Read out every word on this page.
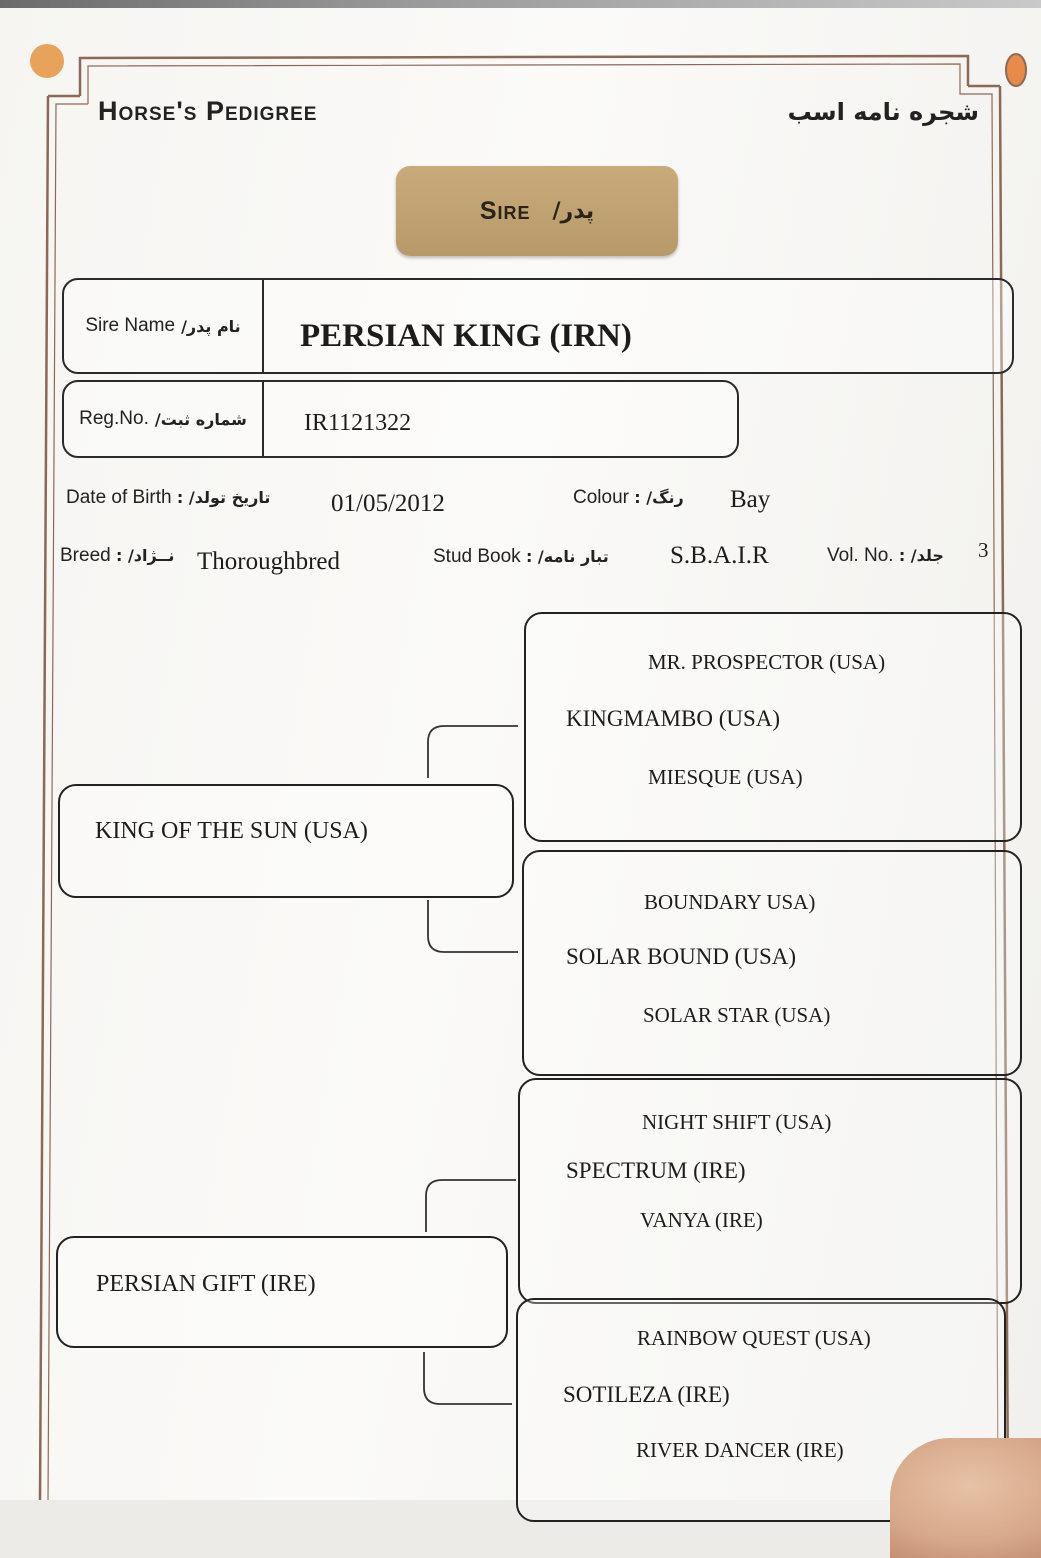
Horse's Pedigree	شجره نامه اسب
Sire پدر/
Sire Name نام پدر/ PERSIAN KING (IRN)
Reg.No. شماره ثبت/ IR1121322
Date of Birth تاریخ تولد/ : 01/05/2012	Colour رنگ/ : Bay
Breed نــژاد/ : Thoroughbred	Stud Book تبار نامه/ : S.B.A.I.R	Vol. No. جلد/ : 3
KING OF THE SUN (USA)
PERSIAN GIFT (IRE)
MR. PROSPECTOR (USA)
KINGMAMBO (USA)
MIESQUE (USA)
BOUNDARY USA)
SOLAR BOUND (USA)
SOLAR STAR (USA)
NIGHT SHIFT (USA)
SPECTRUM (IRE)
VANYA (IRE)
RAINBOW QUEST (USA)
SOTILEZA (IRE)
RIVER DANCER (IRE)
